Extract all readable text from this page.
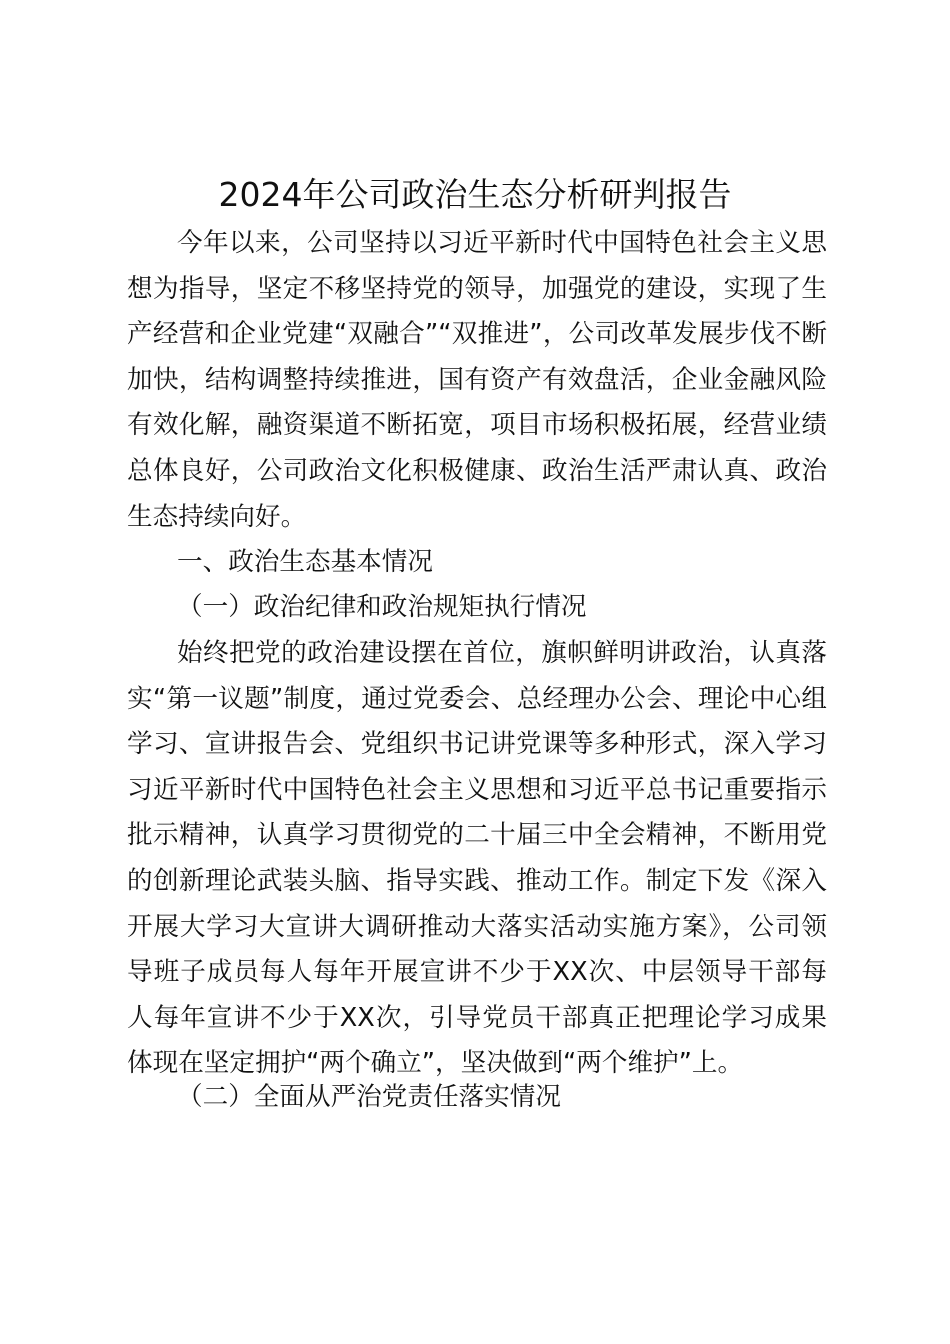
2024年公司政治生态分析研判报告
今年以来，公司坚持以习近平新时代中国特色社会主义思
想为指导，坚定不移坚持党的领导，加强党的建设，实现了生
产经营和企业党建“双融合”“双推进”，公司改革发展步伐不断
加快，结构调整持续推进，国有资产有效盘活，企业金融风险
有效化解，融资渠道不断拓宽，项目市场积极拓展，经营业绩
总体良好，公司政治文化积极健康、政治生活严肃认真、政治
生态持续向好。
一、政治生态基本情况
（一）政治纪律和政治规矩执行情况
始终把党的政治建设摆在首位，旗帜鲜明讲政治，认真落
实“第一议题”制度，通过党委会、总经理办公会、理论中心组
学习、宣讲报告会、党组织书记讲党课等多种形式，深入学习
习近平新时代中国特色社会主义思想和习近平总书记重要指示
批示精神，认真学习贯彻党的二十届三中全会精神，不断用党
的创新理论武装头脑、指导实践、推动工作。制定下发《深入
开展大学习大宣讲大调研推动大落实活动实施方案》，公司领
导班子成员每人每年开展宣讲不少于XX次、中层领导干部每
人每年宣讲不少于XX次，引导党员干部真正把理论学习成果
体现在坚定拥护“两个确立”，坚决做到“两个维护”上。
（二）全面从严治党责任落实情况
